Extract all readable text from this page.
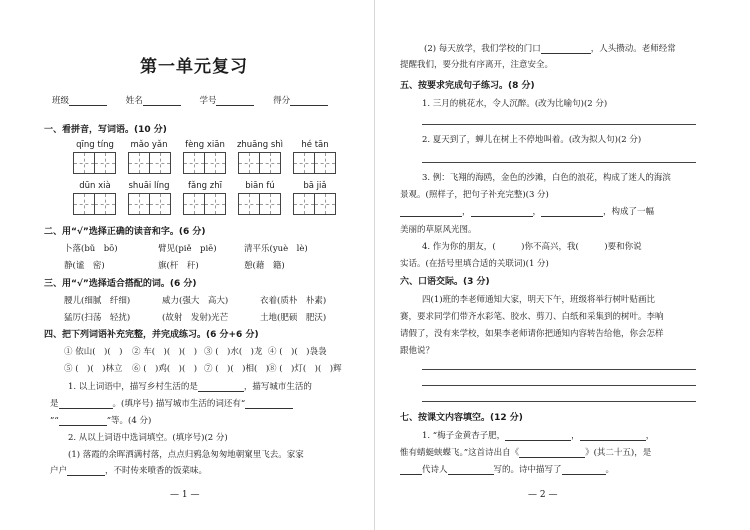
第一单元复习
班级	姓名	学号	得分
一、看拼音，写词语。(10 分)
qīng tíng	mǎo yǎn	fèng xiān	zhuāng shì	hé tān
dūn xià	shuāi líng	fǎng zhī	biān fú	bā jiǎ
二、用“√”选择正确的读音和字。(6 分)
卜落(bǔ　bō)	臂见(piě　piē)	清平乐(yuè　lè)
静(谧　密)	旗(杆　秆)	憩(藉　籍)
三、用“√”选择适合搭配的词。(6 分)
腰儿(细腻　纤细)	威力(强大　高大)	衣着(质朴　朴素)
猛厉(扫荡　轻扰)	(故射　发射)光芒	土地(肥硕　肥沃)
四、把下列词语补充完整，并完成练习。(6 分+6 分)
① 依山(　)(　) ② 车(　)(　)(　) ③ (　)水(　)龙 ④ (　)(　)袅袅
⑤ (　)(　)林立 ⑥ (　)鸡(　)(　) ⑦ (　)(　)相(　)
⑧ (　)灯(　)(　)辉
1. 以上词语中，描写乡村生活的是	，描写城市生活的
是	。(填序号) 描写城市生活的词还有“
”“	”等。(4 分)
2. 从以上词语中选词填空。(填序号)(2 分)
(1) 落霞的余晖洒满村落，点点归鸦急匆匆地朝窠里飞去。家家
户户	，不时传来喷香的饭菜味。
— 1 —
(2) 每天放学，我们学校的门口	，人头攒动。老师经常
提醒我们，要分批有序离开，注意安全。
五、按要求完成句子练习。(8 分)
1. 三月的桃花水，令人沉醉。(改为比喻句)(2 分)
2. 夏天到了，蝉儿在树上不停地叫着。(改为拟人句)(2 分)
3. 例：飞翔的海鸥，金色的沙滩，白色的浪花，构成了迷人的海滨
景观。(照样子，把句子补充完整)(3 分)
，	，	，构成了一幅
美丽的草原风光图。
4. 作为你的朋友，(　　　)你不高兴，我(　　　)要和你说
实话。(在括号里填合适的关联词)(1 分)
六、口语交际。(3 分)
四(1)班的李老师通知大家，明天下午，班级将举行树叶贴画比
赛，要求同学们带齐水彩笔、胶水、剪刀、白纸和采集到的树叶。李响
请假了，没有来学校，如果李老师请你把通知内容转告给他，你会怎样
跟他说？
七、按课文内容填空。(12 分)
1. “梅子金黄杏子肥，	，	，
惟有蜻蜓蛱蝶飞。”这首诗出自《	》(其二十五)，是
代诗人	写的。诗中描写了	。
— 2 —
